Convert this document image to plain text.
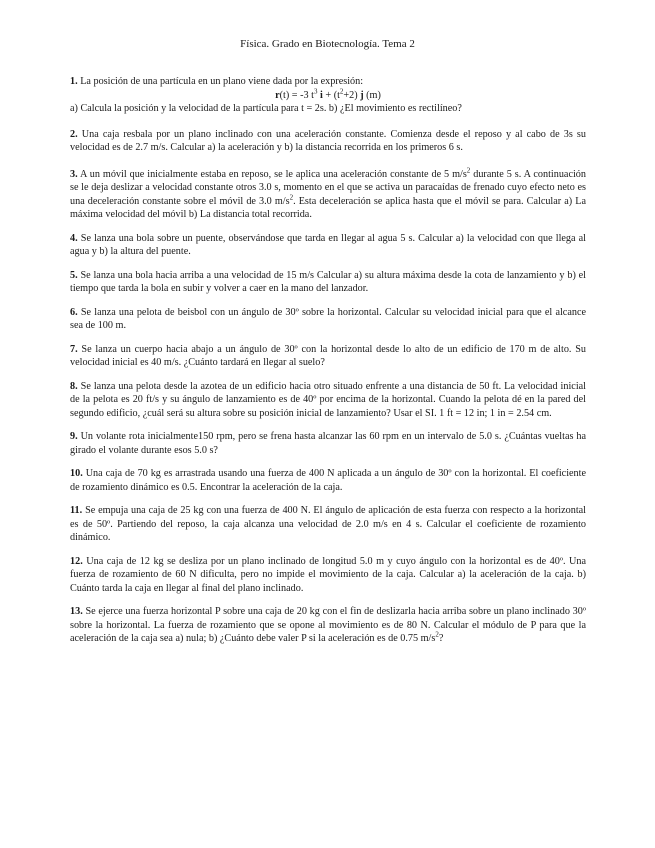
Física. Grado en Biotecnología. Tema 2

1. La posición de una partícula en un plano viene dada por la expresión:
r(t) = -3 $t^3$ $i + (t^2+2)$ j (m)
a) Calcula la posición y la velocidad de la partícula para t = 2s. b) ¿El movimiento es rectilíneo?

2. Una caja resbala por un plano inclinado con una aceleración constante. Comienza desde el reposo y al cabo de 3s su velocidad es de 2.7 m/s. Calcular a) la aceleración y b) la distancia recorrida en los primeros 6 s.

3. A un móvil que inicialmente estaba en reposo, se le aplica una aceleración constante de 5 $m/s^2$ durante 5 s. A continuación se le deja deslizar a velocidad constante otros 3.0 s, momento en el que se activa un paracaídas de frenado cuyo efecto neto es una deceleración constante sobre el móvil de 3.0 $m/s^2$. Esta deceleración se aplica hasta que el móvil se para. Calcular a) La máxima velocidad del móvil b) La distancia total recorrida.

4. Se lanza una bola sobre un puente, observándose que tarda en llegar al agua 5 s. Calcular a) la velocidad con que llega al agua y b) la altura del puente.

5. Se lanza una bola hacia arriba a una velocidad de 15 m/s Calcular a) su altura máxima desde la cota de lanzamiento y b) el tiempo que tarda la bola en subir y volver a caer en la mano del lanzador.

6. Se lanza una pelota de beisbol con un ángulo de 30º sobre la horizontal. Calcular su velocidad inicial para que el alcance sea de 100 m.

7. Se lanza un cuerpo hacia abajo a un ángulo de 30º con la horizontal desde lo alto de un edificio de 170 m de alto. Su velocidad inicial es 40 m/s. ¿Cuánto tardará en llegar al suelo?

8. Se lanza una pelota desde la azotea de un edificio hacia otro situado enfrente a una distancia de 50 ft. La velocidad inicial de la pelota es 20 ft/s y su ángulo de lanzamiento es de 40º por encima de la horizontal. Cuando la pelota dé en la pared del segundo edificio, ¿cuál será su altura sobre su posición inicial de lanzamiento? Usar el SI. 1 ft = 12 in; 1 in = 2.54 cm.

9. Un volante rota inicialmente150 rpm, pero se frena hasta alcanzar las 60 rpm en un intervalo de 5.0 s. ¿Cuántas vueltas ha girado el volante durante esos 5.0 s?

10. Una caja de 70 kg es arrastrada usando una fuerza de 400 N aplicada a un ángulo de 30º con la horizontal. El coeficiente de rozamiento dinámico es 0.5. Encontrar la aceleración de la caja.

11. Se empuja una caja de 25 kg con una fuerza de 400 N. El ángulo de aplicación de esta fuerza con respecto a la horizontal es de 50º. Partiendo del reposo, la caja alcanza una velocidad de 2.0 m/s en 4 s. Calcular el coeficiente de rozamiento dinámico.

12. Una caja de 12 kg se desliza por un plano inclinado de longitud 5.0 m y cuyo ángulo con la horizontal es de 40º. Una fuerza de rozamiento de 60 N dificulta, pero no impide el movimiento de la caja. Calcular a) la aceleración de la caja. b) Cuánto tarda la caja en llegar al final del plano inclinado.

13. Se ejerce una fuerza horizontal P sobre una caja de 20 kg con el fin de deslizarla hacia arriba sobre un plano inclinado 30º sobre la horizontal. La fuerza de rozamiento que se opone al movimiento es de 80 N. Calcular el módulo de P para que la aceleración de la caja sea a) nula; b) ¿Cuánto debe valer P si la aceleración es de 0.75 $m/s^2$?
